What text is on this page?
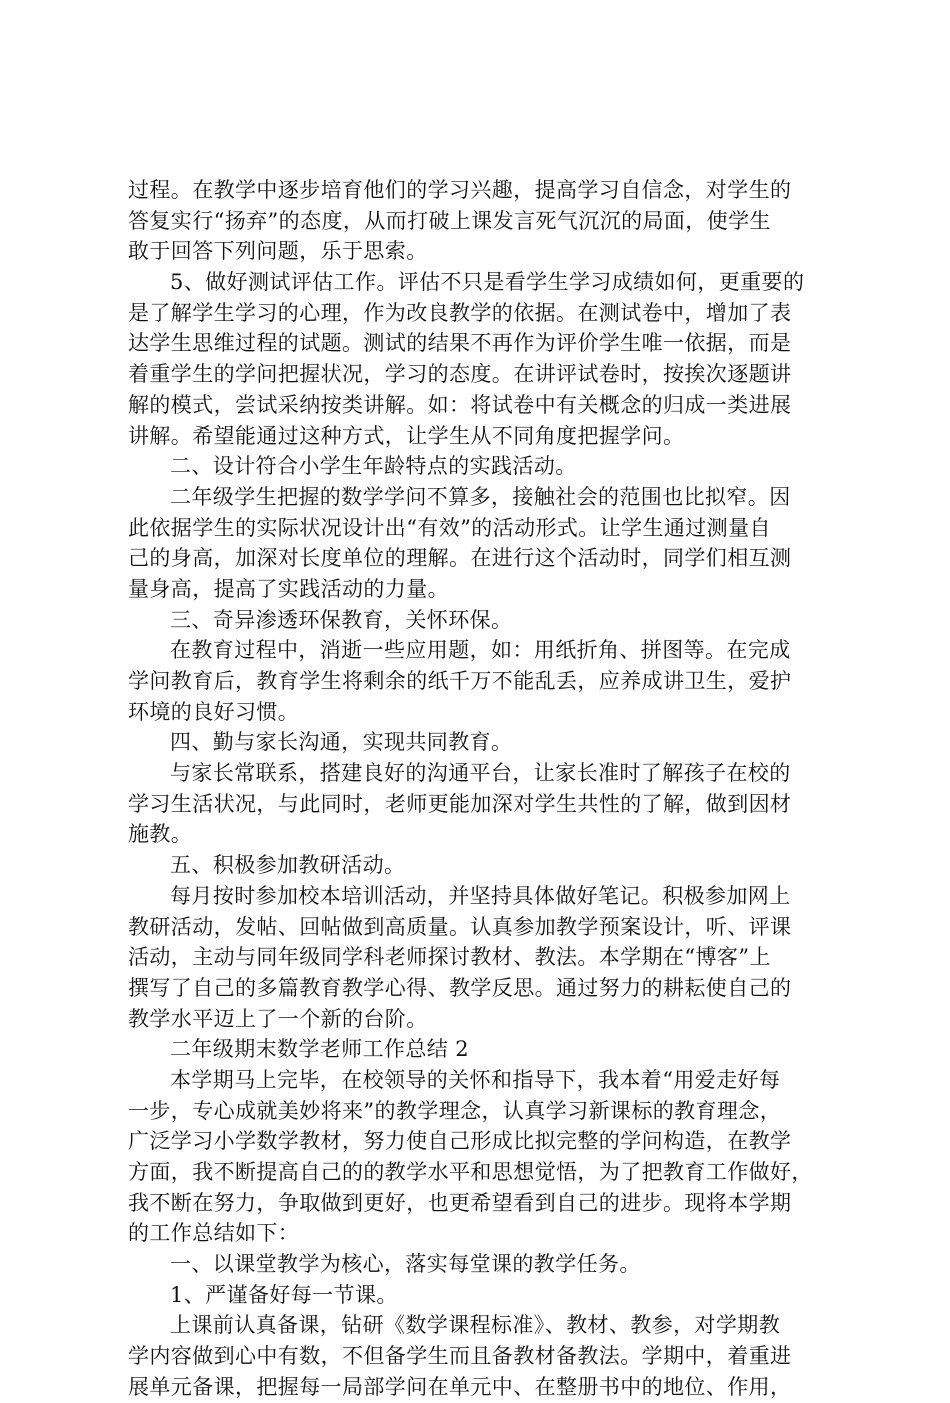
过程。在教学中逐步培育他们的学习兴趣，提高学习自信念，对学生的
答复实行“扬弃”的态度，从而打破上课发言死气沉沉的局面，使学生
敢于回答下列问题，乐于思索。
5、做好测试评估工作。评估不只是看学生学习成绩如何，更重要的
是了解学生学习的心理，作为改良教学的依据。在测试卷中，增加了表
达学生思维过程的试题。测试的结果不再作为评价学生唯一依据，而是
着重学生的学问把握状况，学习的态度。在讲评试卷时，按挨次逐题讲
解的模式，尝试采纳按类讲解。如：将试卷中有关概念的归成一类进展
讲解。希望能通过这种方式，让学生从不同角度把握学问。
二、设计符合小学生年龄特点的实践活动。
二年级学生把握的数学学问不算多，接触社会的范围也比拟窄。因
此依据学生的实际状况设计出“有效”的活动形式。让学生通过测量自
己的身高，加深对长度单位的理解。在进行这个活动时，同学们相互测
量身高，提高了实践活动的力量。
三、奇异渗透环保教育，关怀环保。
在教育过程中，消逝一些应用题，如：用纸折角、拼图等。在完成
学问教育后，教育学生将剩余的纸千万不能乱丢，应养成讲卫生，爱护
环境的良好习惯。
四、勤与家长沟通，实现共同教育。
与家长常联系，搭建良好的沟通平台，让家长准时了解孩子在校的
学习生活状况，与此同时，老师更能加深对学生共性的了解，做到因材
施教。
五、积极参加教研活动。
每月按时参加校本培训活动，并坚持具体做好笔记。积极参加网上
教研活动，发帖、回帖做到高质量。认真参加教学预案设计，听、评课
活动，主动与同年级同学科老师探讨教材、教法。本学期在“博客”上
撰写了自己的多篇教育教学心得、教学反思。通过努力的耕耘使自己的
教学水平迈上了一个新的台阶。
二年级期末数学老师工作总结 2
本学期马上完毕，在校领导的关怀和指导下，我本着“用爱走好每
一步，专心成就美妙将来”的教学理念，认真学习新课标的教育理念，
广泛学习小学数学教材，努力使自己形成比拟完整的学问构造，在教学
方面，我不断提高自己的的教学水平和思想觉悟，为了把教育工作做好，
我不断在努力，争取做到更好，也更希望看到自己的进步。现将本学期
的工作总结如下：
一、以课堂教学为核心，落实每堂课的教学任务。
1、严谨备好每一节课。
上课前认真备课，钻研《数学课程标准》、教材、教参，对学期教
学内容做到心中有数，不但备学生而且备教材备教法。学期中，着重进
展单元备课，把握每一局部学问在单元中、在整册书中的地位、作用，
